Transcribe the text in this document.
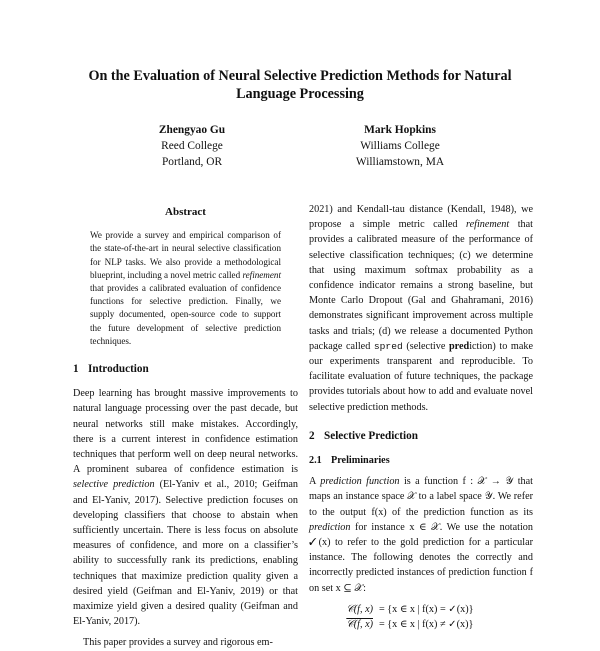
On the Evaluation of Neural Selective Prediction Methods for Natural Language Processing
Zhengyao Gu
Reed College
Portland, OR
Mark Hopkins
Williams College
Williamstown, MA
Abstract

We provide a survey and empirical comparison of the state-of-the-art in neural selective classification for NLP tasks. We also provide a methodological blueprint, including a novel metric called refinement that provides a calibrated evaluation of confidence functions for selective prediction. Finally, we supply documented, open-source code to support the future development of selective prediction techniques.

1 Introduction

Deep learning has brought massive improvements to natural language processing over the past decade, but neural networks still make mistakes. Accordingly, there is a current interest in confidence estimation techniques that perform well on deep neural networks. A prominent subarea of confidence estimation is selective prediction (El-Yaniv et al., 2010; Geifman and El-Yaniv, 2017). Selective prediction focuses on developing classifiers that choose to abstain when sufficiently uncertain. There is less focus on absolute measures of confidence, and more on a classifier’s ability to successfully rank its predictions, enabling techniques that maximize prediction quality given a desired yield (Geifman and El-Yaniv, 2019) or that maximize yield given a desired quality (Geifman and El-Yaniv, 2017).

This paper provides a survey and rigorous em-

2021) and Kendall-tau distance (Kendall, 1948), we propose a simple metric called refinement that provides a calibrated measure of the performance of selective classification techniques; (c) we determine that using maximum softmax probability as a confidence indicator remains a strong baseline, but Monte Carlo Dropout (Gal and Ghahramani, 2016) demonstrates significant improvement across multiple tasks and trials; (d) we release a documented Python package called spred (selective prediction) to make our experiments transparent and reproducible. To facilitate evaluation of future techniques, the package provides tutorials about how to add and evaluate novel selective prediction methods.

2 Selective Prediction
2.1 Preliminaries

A prediction function is a function f : 𝒳 → 𝒴 that maps an instance space 𝒳 to a label space 𝒴. We refer to the output f(x) of the prediction function as its prediction for instance x ∈ 𝒳. We use the notation ✓(x) to refer to the gold prediction for a particular instance. The following denotes the correctly and incorrectly predicted instances of prediction function f on set x ⊆ 𝒳:

𝒞(f, x) = {x ∈ x | f(x) = ✓(x)}
𝒞(f, x) = {x ∈ x | f(x) ≠ ✓(x)}
